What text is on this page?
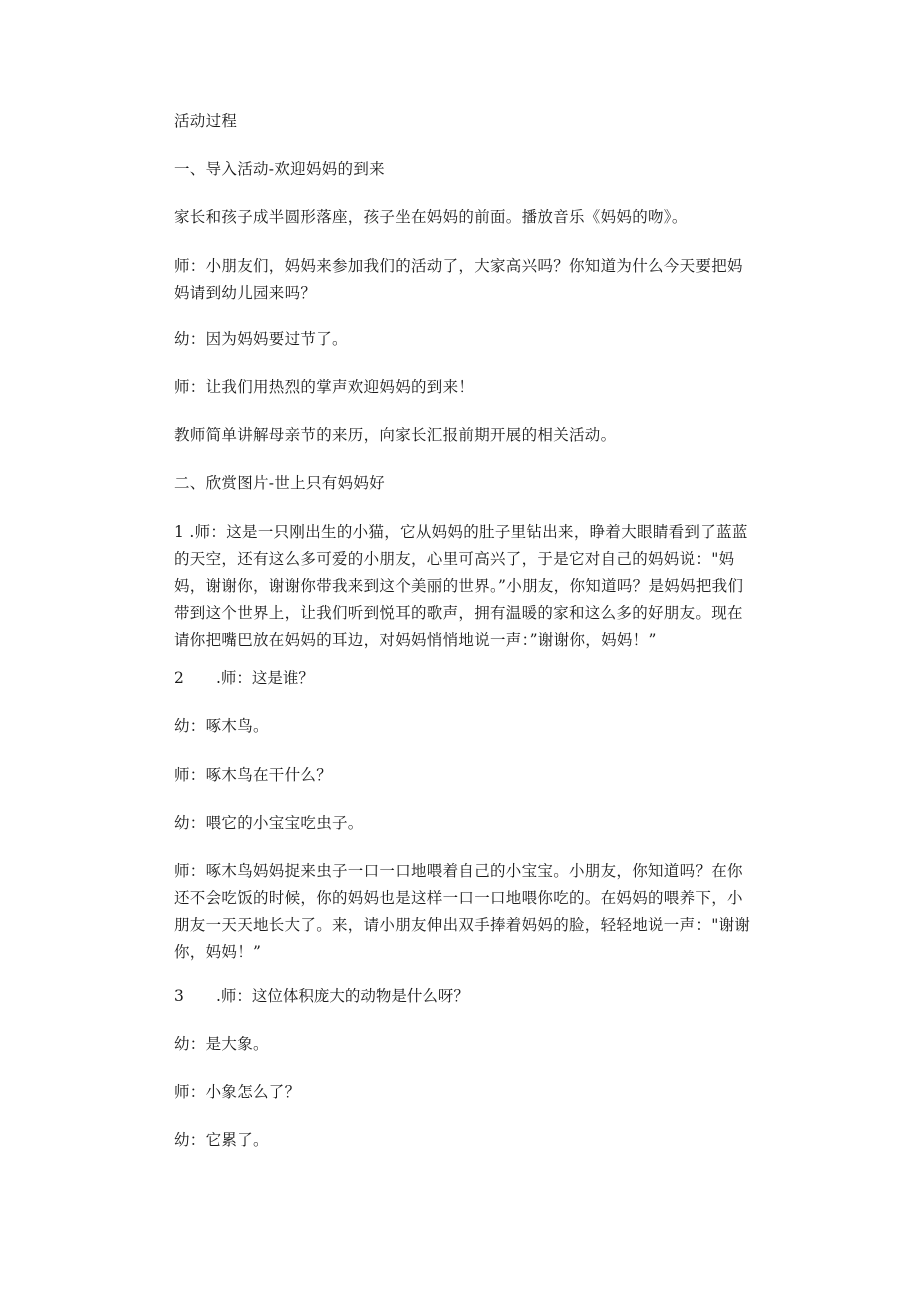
活动过程

一、导入活动-欢迎妈妈的到来

家长和孩子成半圆形落座，孩子坐在妈妈的前面。播放音乐《妈妈的吻》。

师：小朋友们，妈妈来参加我们的活动了，大家高兴吗？你知道为什么今天要把妈妈请到幼儿园来吗？

幼：因为妈妈要过节了。

师：让我们用热烈的掌声欢迎妈妈的到来！

教师简单讲解母亲节的来历，向家长汇报前期开展的相关活动。

二、欣赏图片-世上只有妈妈好

1 .师：这是一只刚出生的小猫，它从妈妈的肚子里钻出来，睁着大眼睛看到了蓝蓝的天空，还有这么多可爱的小朋友，心里可高兴了，于是它对自己的妈妈说："妈妈，谢谢你，谢谢你带我来到这个美丽的世界。”小朋友，你知道吗？是妈妈把我们带到这个世界上，让我们听到悦耳的歌声，拥有温暖的家和这么多的好朋友。现在请你把嘴巴放在妈妈的耳边，对妈妈悄悄地说一声：”谢谢你，妈妈！”

2 .师：这是谁？

幼：啄木鸟。

师：啄木鸟在干什么？

幼：喂它的小宝宝吃虫子。

师：啄木鸟妈妈捉来虫子一口一口地喂着自己的小宝宝。小朋友，你知道吗？在你还不会吃饭的时候，你的妈妈也是这样一口一口地喂你吃的。在妈妈的喂养下，小朋友一天天地长大了。来，请小朋友伸出双手捧着妈妈的脸，轻轻地说一声："谢谢你，妈妈！”

3 .师：这位体积庞大的动物是什么呀？

幼：是大象。

师：小象怎么了？

幼：它累了。
